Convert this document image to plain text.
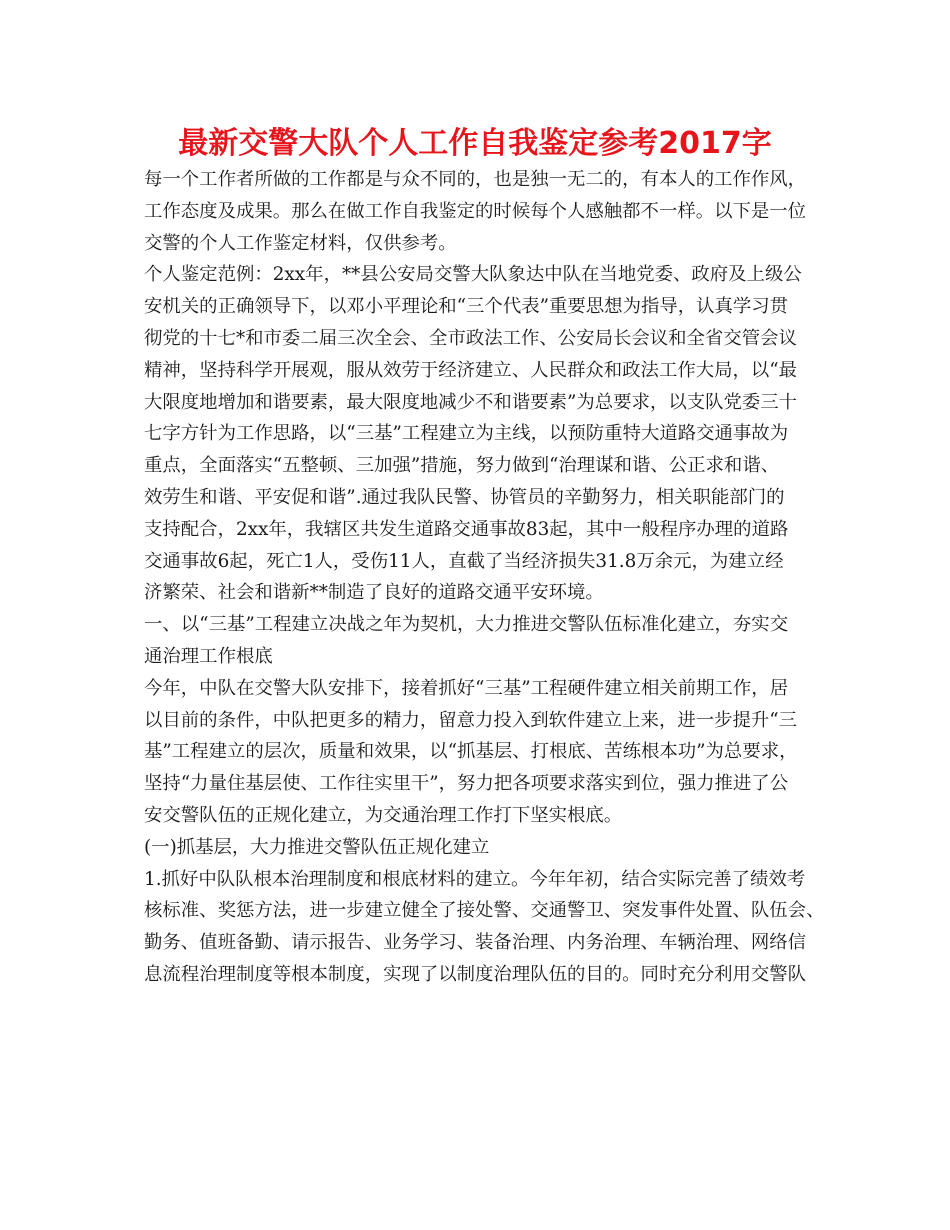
最新交警大队个人工作自我鉴定参考2017字
每一个工作者所做的工作都是与众不同的，也是独一无二的，有本人的工作作风，
工作态度及成果。那么在做工作自我鉴定的时候每个人感触都不一样。以下是一位
交警的个人工作鉴定材料，仅供参考。
个人鉴定范例：2xx年，**县公安局交警大队象达中队在当地党委、政府及上级公
安机关的正确领导下，以邓小平理论和“三个代表”重要思想为指导，认真学习贯
彻党的十七*和市委二届三次全会、全市政法工作、公安局长会议和全省交管会议
精神，坚持科学开展观，服从效劳于经济建立、人民群众和政法工作大局，以“最
大限度地增加和谐要素，最大限度地减少不和谐要素”为总要求，以支队党委三十
七字方针为工作思路，以“三基”工程建立为主线，以预防重特大道路交通事故为
重点，全面落实“五整顿、三加强”措施，努力做到“治理谋和谐、公正求和谐、
效劳生和谐、平安促和谐”.通过我队民警、协管员的辛勤努力，相关职能部门的
支持配合，2xx年，我辖区共发生道路交通事故83起，其中一般程序办理的道路
交通事故6起，死亡1人，受伤11人，直截了当经济损失31.8万余元，为建立经
济繁荣、社会和谐新**制造了良好的道路交通平安环境。
一、以“三基”工程建立决战之年为契机，大力推进交警队伍标准化建立，夯实交
通治理工作根底
今年，中队在交警大队安排下，接着抓好“三基”工程硬件建立相关前期工作，居
以目前的条件，中队把更多的精力，留意力投入到软件建立上来，进一步提升“三
基”工程建立的层次，质量和效果，以“抓基层、打根底、苦练根本功”为总要求，
坚持“力量住基层使、工作往实里干”，努力把各项要求落实到位，强力推进了公
安交警队伍的正规化建立，为交通治理工作打下坚实根底。
(一)抓基层，大力推进交警队伍正规化建立
1.抓好中队队根本治理制度和根底材料的建立。今年年初，结合实际完善了绩效考
核标准、奖惩方法，进一步建立健全了接处警、交通警卫、突发事件处置、队伍会、
勤务、值班备勤、请示报告、业务学习、装备治理、内务治理、车辆治理、网络信
息流程治理制度等根本制度，实现了以制度治理队伍的目的。同时充分利用交警队
